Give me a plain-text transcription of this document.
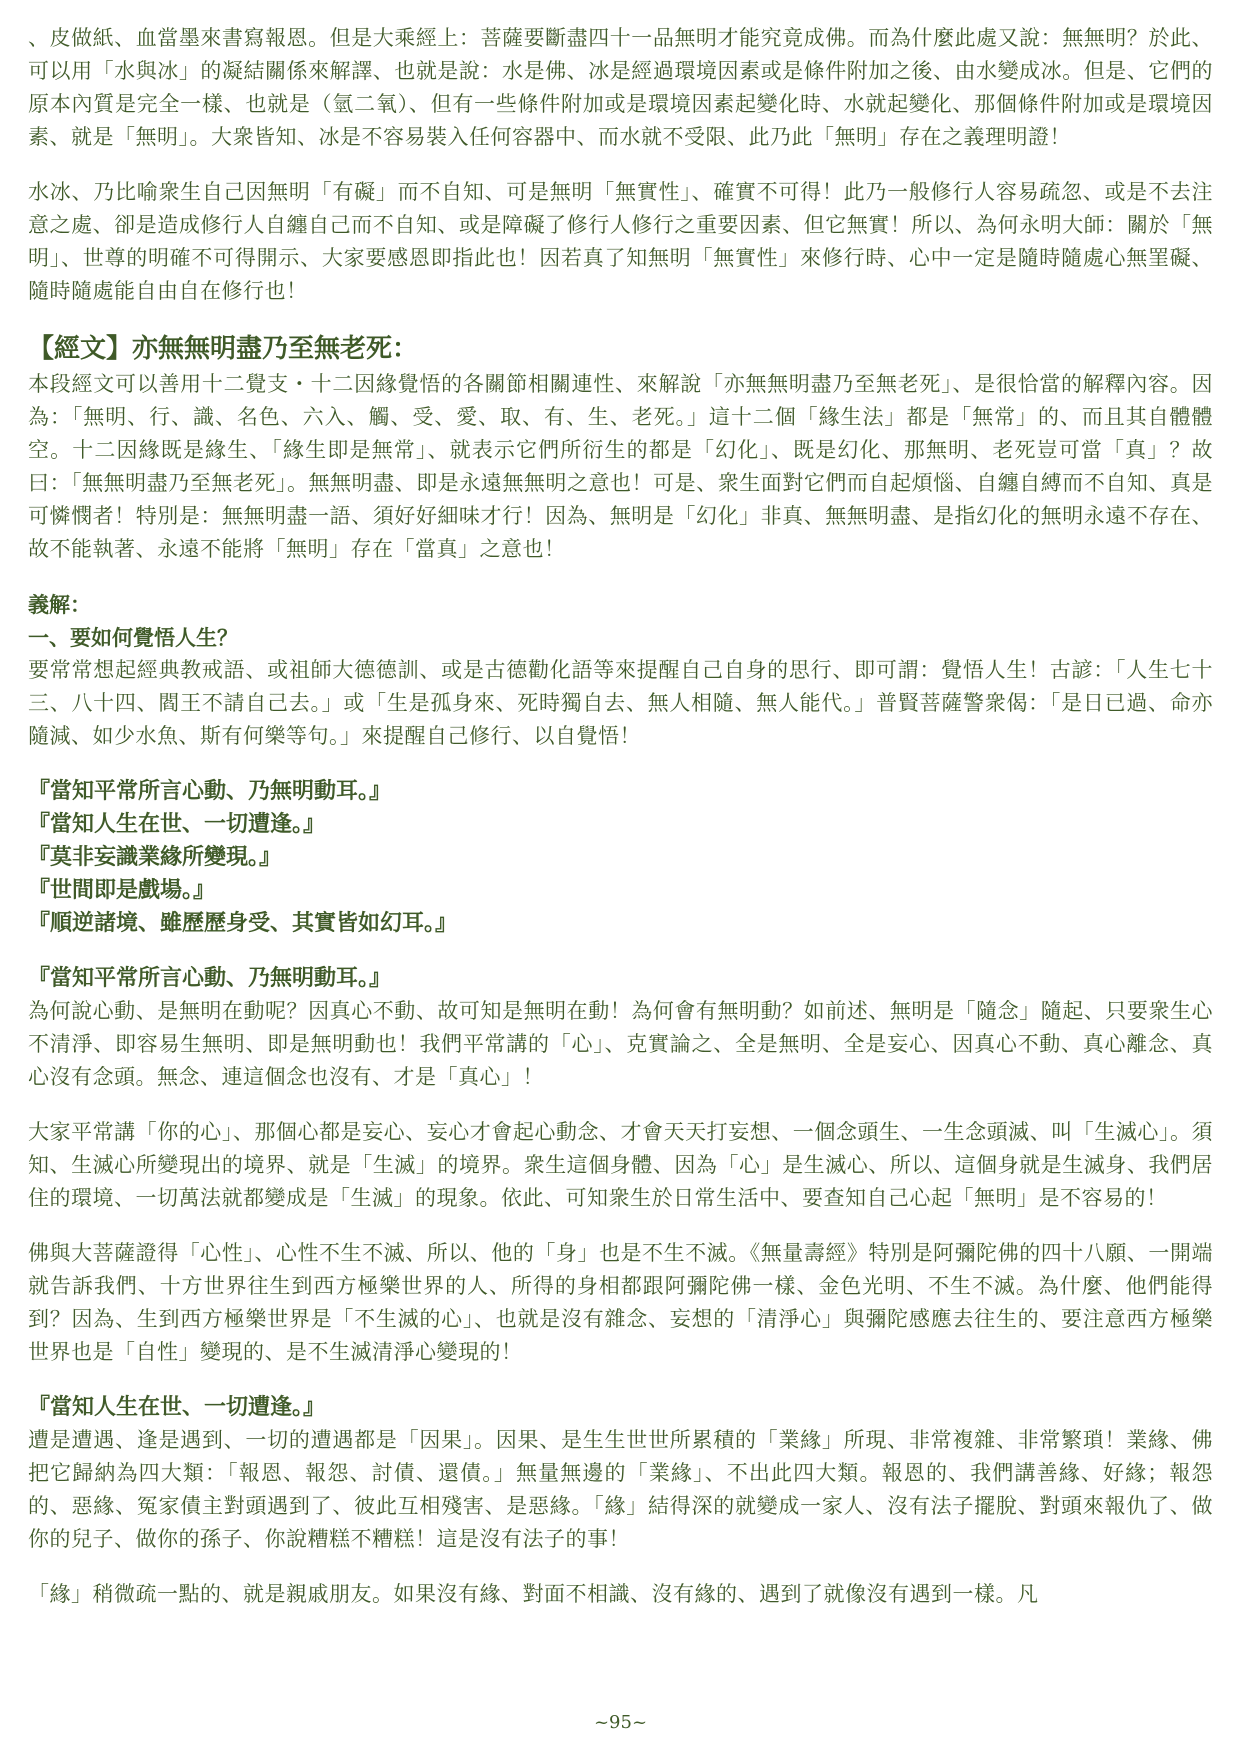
、皮做紙、血當墨來書寫報恩。但是大乘經上：菩薩要斷盡四十一品無明才能究竟成佛。而為什麼此處又說：無無明？於此、可以用「水與冰」的凝結關係來解譯、也就是說：水是佛、冰是經過環境因素或是條件附加之後、由水變成冰。但是、它們的原本內質是完全一樣、也就是（氫二氧）、但有一些條件附加或是環境因素起變化時、水就起變化、那個條件附加或是環境因素、就是「無明」。大衆皆知、冰是不容易裝入任何容器中、而水就不受限、此乃此「無明」存在之義理明證！

水冰、乃比喻衆生自己因無明「有礙」而不自知、可是無明「無實性」、確實不可得！此乃一般修行人容易疏忽、或是不去注意之處、卻是造成修行人自纏自己而不自知、或是障礙了修行人修行之重要因素、但它無實！所以、為何永明大師：關於「無明」、世尊的明確不可得開示、大家要感恩即指此也！因若真了知無明「無實性」來修行時、心中一定是隨時隨處心無罣礙、隨時隨處能自由自在修行也！

【經文】亦無無明盡乃至無老死：

本段經文可以善用十二覺支・十二因緣覺悟的各關節相關連性、來解說「亦無無明盡乃至無老死」、是很恰當的解釋內容。因為：「無明、行、識、名色、六入、觸、受、愛、取、有、生、老死。」這十二個「緣生法」都是「無常」的、而且其自體體空。十二因緣既是緣生、「緣生即是無常」、就表示它們所衍生的都是「幻化」、既是幻化、那無明、老死豈可當「真」？故曰：「無無明盡乃至無老死」。無無明盡、即是永遠無無明之意也！可是、衆生面對它們而自起煩惱、自纏自縛而不自知、真是可憐憫者！特別是：無無明盡一語、須好好細味才行！因為、無明是「幻化」非真、無無明盡、是指幻化的無明永遠不存在、故不能執著、永遠不能將「無明」存在「當真」之意也！

義解：
一、要如何覺悟人生？

要常常想起經典教戒語、或祖師大德德訓、或是古德勸化語等來提醒自己自身的思行、即可謂：覺悟人生！古諺：「人生七十三、八十四、閻王不請自己去。」或「生是孤身來、死時獨自去、無人相隨、無人能代。」普賢菩薩警衆偈：「是日已過、命亦隨減、如少水魚、斯有何樂等句。」來提醒自己修行、以自覺悟！

『當知平常所言心動、乃無明動耳。』
『當知人生在世、一切遭逢。』
『莫非妄識業緣所變現。』
『世間即是戲場。』
『順逆諸境、雖歷歷身受、其實皆如幻耳。』
『當知平常所言心動、乃無明動耳。』

為何說心動、是無明在動呢？因真心不動、故可知是無明在動！為何會有無明動？如前述、無明是「隨念」隨起、只要衆生心不清淨、即容易生無明、即是無明動也！我們平常講的「心」、克實論之、全是無明、全是妄心、因真心不動、真心離念、真心沒有念頭。無念、連這個念也沒有、才是「真心」！

大家平常講「你的心」、那個心都是妄心、妄心才會起心動念、才會天天打妄想、一個念頭生、一生念頭滅、叫「生滅心」。須知、生滅心所變現出的境界、就是「生滅」的境界。衆生這個身體、因為「心」是生滅心、所以、這個身就是生滅身、我們居住的環境、一切萬法就都變成是「生滅」的現象。依此、可知衆生於日常生活中、要查知自己心起「無明」是不容易的！

佛與大菩薩證得「心性」、心性不生不滅、所以、他的「身」也是不生不滅。《無量壽經》特別是阿彌陀佛的四十八願、一開端就告訴我們、十方世界往生到西方極樂世界的人、所得的身相都跟阿彌陀佛一樣、金色光明、不生不滅。為什麼、他們能得到？因為、生到西方極樂世界是「不生滅的心」、也就是沒有雜念、妄想的「清淨心」與彌陀感應去往生的、要注意西方極樂世界也是「自性」變現的、是不生滅清淨心變現的！

『當知人生在世、一切遭逢。』

遭是遭遇、逢是遇到、一切的遭遇都是「因果」。因果、是生生世世所累積的「業緣」所現、非常複雜、非常繁瑣！業緣、佛把它歸納為四大類：「報恩、報怨、討債、還債。」無量無邊的「業緣」、不出此四大類。報恩的、我們講善緣、好緣；報怨的、惡緣、冤家債主對頭遇到了、彼此互相殘害、是惡緣。「緣」結得深的就變成一家人、沒有法子擺脫、對頭來報仇了、做你的兒子、做你的孫子、你說糟糕不糟糕！這是沒有法子的事！

「緣」稍微疏一點的、就是親戚朋友。如果沒有緣、對面不相識、沒有緣的、遇到了就像沒有遇到一樣。凡

~95~
